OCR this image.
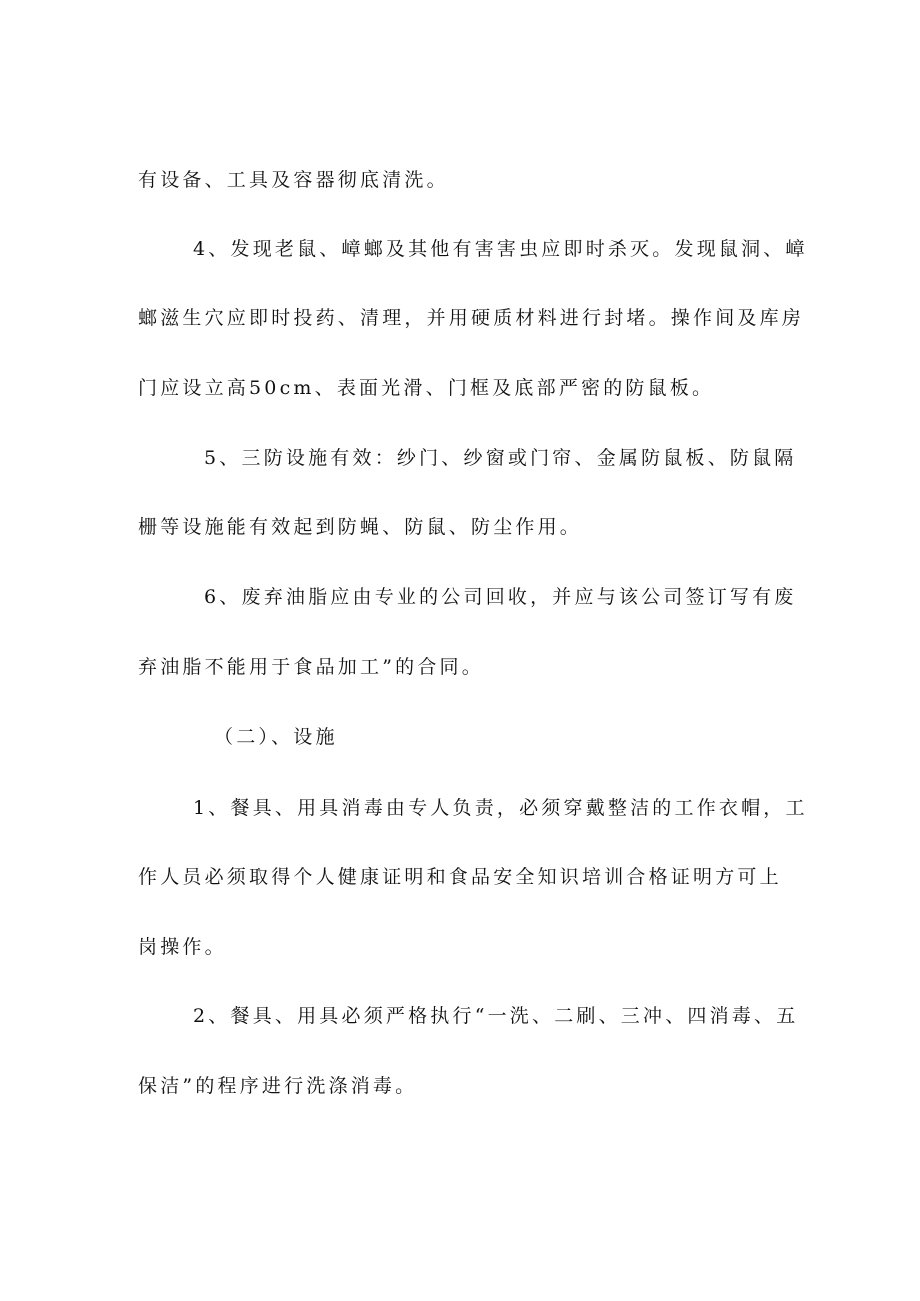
有设备、工具及容器彻底清洗。
4、发现老鼠、嶂螂及其他有害害虫应即时杀灭。发现鼠洞、嶂
螂滋生穴应即时投药、清理，并用硬质材料进行封堵。操作间及库房
门应设立高50cm、表面光滑、门框及底部严密的防鼠板。
5、三防设施有效：纱门、纱窗或门帘、金属防鼠板、防鼠隔
栅等设施能有效起到防蝇、防鼠、防尘作用。
6、废弃油脂应由专业的公司回收，并应与该公司签订写有废
弃油脂不能用于食品加工”的合同。
（二）、设施
1、餐具、用具消毒由专人负责，必须穿戴整洁的工作衣帽，工
作人员必须取得个人健康证明和食品安全知识培训合格证明方可上
岗操作。
2、餐具、用具必须严格执行“一洗、二刷、三冲、四消毒、五
保洁”的程序进行洗涤消毒。
